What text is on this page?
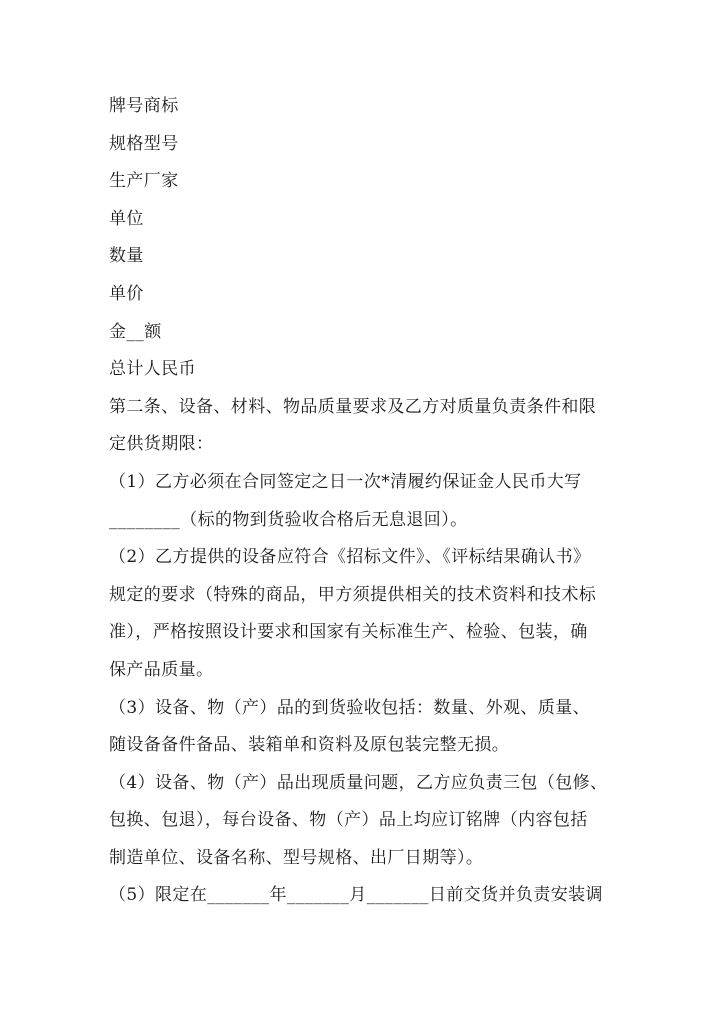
牌号商标
规格型号
生产厂家
单位
数量
单价
金__额
总计人民币
第二条、设备、材料、物品质量要求及乙方对质量负责条件和限
定供货期限：
（1）乙方必须在合同签定之日一次*清履约保证金人民币大写
________（标的物到货验收合格后无息退回）。
（2）乙方提供的设备应符合《招标文件》、《评标结果确认书》
规定的要求（特殊的商品，甲方须提供相关的技术资料和技术标
准），严格按照设计要求和国家有关标准生产、检验、包装，确
保产品质量。
（3）设备、物（产）品的到货验收包括：数量、外观、质量、
随设备备件备品、装箱单和资料及原包装完整无损。
（4）设备、物（产）品出现质量问题，乙方应负责三包（包修、
包换、包退），每台设备、物（产）品上均应订铭牌（内容包括
制造单位、设备名称、型号规格、出厂日期等）。
（5）限定在_______年_______月_______日前交货并负责安装调
